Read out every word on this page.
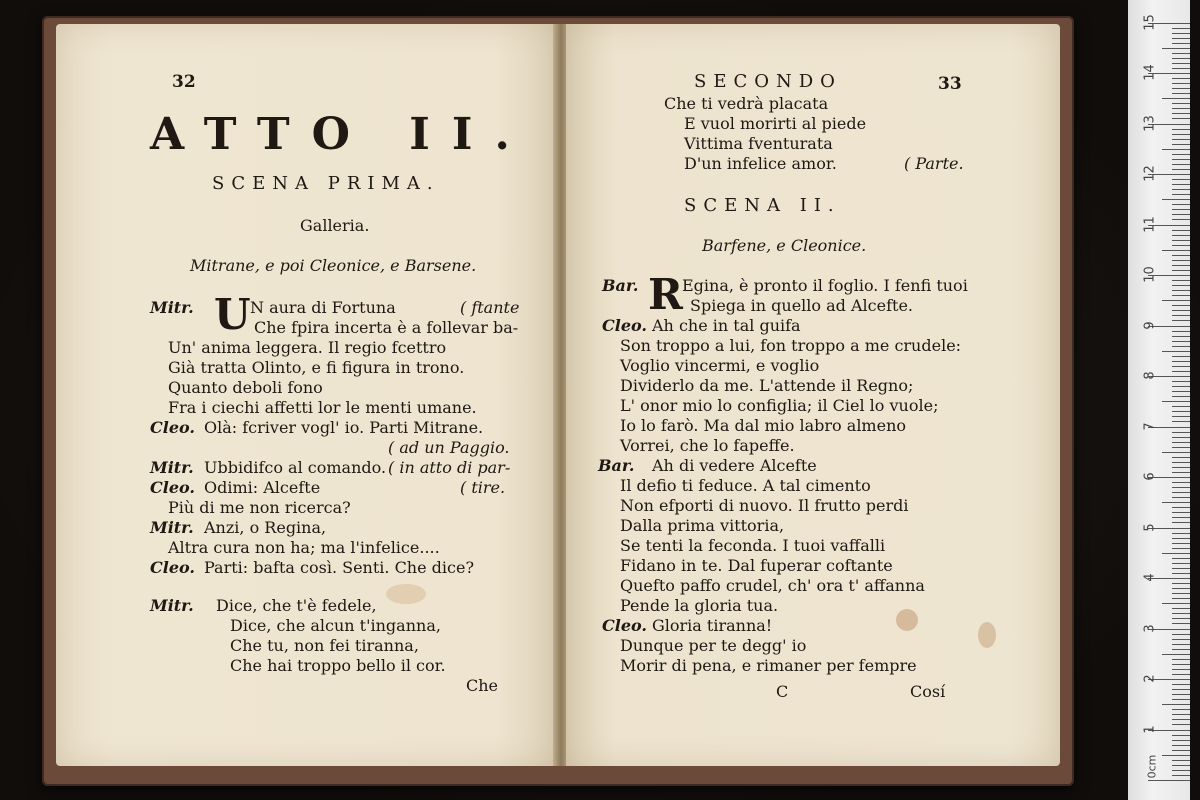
32
ATTO II.
SCENA PRIMA.
Galleria.
Mitrane, e poi Cleonice, e Barsene.
U
Mitr.	N aura di Fortuna	( ftante
Che fpira incerta è a follevar ba-
Un' anima leggera. Il regio fcettro
Già tratta Olinto, e fi figura in trono.
Quanto deboli fono
Fra i ciechi affetti lor le menti umane.
Cleo. Olà: fcriver vogl' io. Parti Mitrane.
( ad un Paggio.
Mitr. Ubbidifco al comando. ( in atto di par-
Cleo. Odimi: Alcefte	( tire.
Più di me non ricerca?
Mitr. Anzi, o Regina,
Altra cura non ha; ma l'infelice....
Cleo. Parti: bafta così. Senti. Che dice?
Mitr. Dice, che t'è fedele,
Dice, che alcun t'inganna,
Che tu, non fei tiranna,
Che hai troppo bello il cor.
Che
SECONDO	33
Che ti vedrà placata
E vuol morirti al piede
Vittima fventurata
D'un infelice amor.	( Parte.
SCENA II.
Barfene, e Cleonice.
R
Bar.	Egina, è pronto il foglio. I fenfi tuoi
Spiega in quello ad Alcefte.
Cleo. Ah che in tal guifa
Son troppo a lui, fon troppo a me crudele:
Voglio vincermi, e voglio
Dividerlo da me. L'attende il Regno;
L' onor mio lo configlia; il Ciel lo vuole;
Io lo farò. Ma dal mio labro almeno
Vorrei, che lo fapeffe.
Bar. Ah di vedere Alcefte
Il defio ti feduce. A tal cimento
Non efporti di nuovo. Il frutto perdi
Dalla prima vittoria,
Se tenti la feconda. I tuoi vaffalli
Fidano in te. Dal fuperar coftante
Quefto paffo crudel, ch' ora t' affanna
Pende la gloria tua.
Cleo. Gloria tiranna!
Dunque per te degg' io
Morir di pena, e rimaner per fempre
C	Cosí
15
14
13
12
11
10
9
8
7
6
5
4
3
2
1
0cm
